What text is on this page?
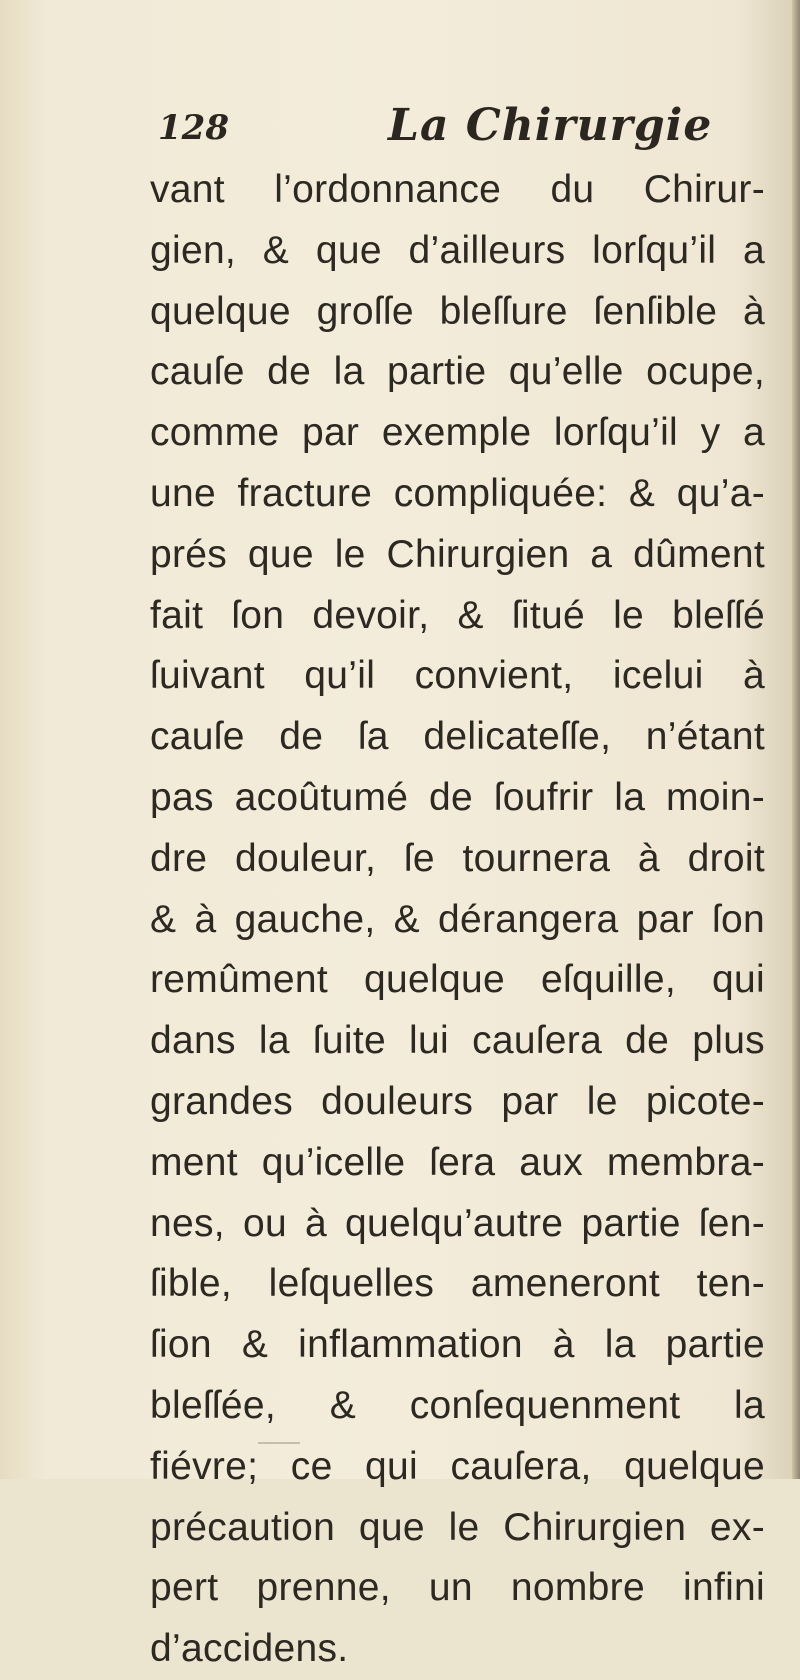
128	La Chirurgie
vant l’ordonnance du Chirur-
gien, & que d’ailleurs lorſqu’il a
quelque groſſe bleſſure ſenſible à
cauſe de la partie qu’elle ocupe,
comme par exemple lorſqu’il y a
une fracture compliquée: & qu’a-
prés que le Chirurgien a dûment
fait ſon devoir, & ſitué le bleſſé
ſuivant qu’il convient, icelui à
cauſe de ſa delicateſſe, n’étant
pas acoûtumé de ſoufrir la moin-
dre douleur, ſe tournera à droit
& à gauche, & dérangera par ſon
remûment quelque eſquille, qui
dans la ſuite lui cauſera de plus
grandes douleurs par le picote-
ment qu’icelle ſera aux membra-
nes, ou à quelqu’autre partie ſen-
ſible, leſquelles ameneront ten-
ſion & inflammation à la partie
bleſſée, & conſequenment la
fiévre; ce qui cauſera, quelque
précaution que le Chirurgien ex-
pert prenne, un nombre infini
d’accidens.
